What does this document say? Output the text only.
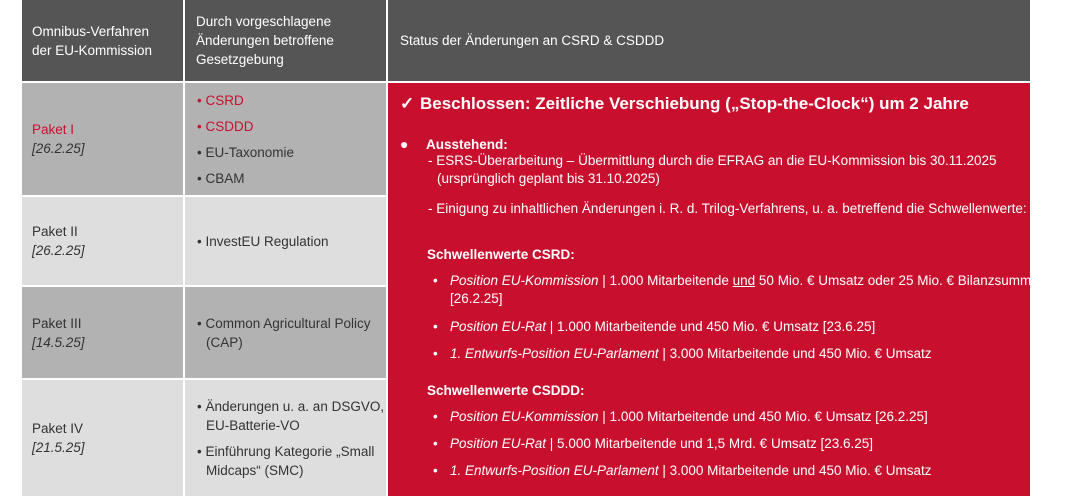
Omnibus-Verfahren
der EU-Kommission
Durch vorgeschlagene
Änderungen betroffene
Gesetzgebung
Status der Änderungen an CSRD & CSDDD
Paket I
[26.2.25]
• CSRD
• CSDDD
• EU-Taxonomie
• CBAM
Paket II
[26.2.25]
• InvestEU Regulation
Paket III
[14.5.25]
• Common Agricultural Policy (CAP)
Paket IV
[21.5.25]
• Änderungen u. a. an DSGVO, EU-Batterie-VO
• Einführung Kategorie „Small Midcaps“ (SMC)
✓ Beschlossen: Zeitliche Verschiebung („Stop-the-Clock“) um 2 Jahre
● Ausstehend:
- ESRS-Überarbeitung – Übermittlung durch die EFRAG an die EU-Kommission bis 30.11.2025 (ursprünglich geplant bis 31.10.2025)
- Einigung zu inhaltlichen Änderungen i. R. d. Trilog-Verfahrens, u. a. betreffend die Schwellenwerte:
Schwellenwerte CSRD:
• Position EU-Kommission | 1.000 Mitarbeitende und 50 Mio. € Umsatz oder 25 Mio. € Bilanzsumme [26.2.25]
• Position EU-Rat | 1.000 Mitarbeitende und 450 Mio. € Umsatz [23.6.25]
• 1. Entwurfs-Position EU-Parlament | 3.000 Mitarbeitende und 450 Mio. € Umsatz
Schwellenwerte CSDDD:
• Position EU-Kommission | 1.000 Mitarbeitende und 450 Mio. € Umsatz [26.2.25]
• Position EU-Rat | 5.000 Mitarbeitende und 1,5 Mrd. € Umsatz [23.6.25]
• 1. Entwurfs-Position EU-Parlament | 3.000 Mitarbeitende und 450 Mio. € Umsatz
